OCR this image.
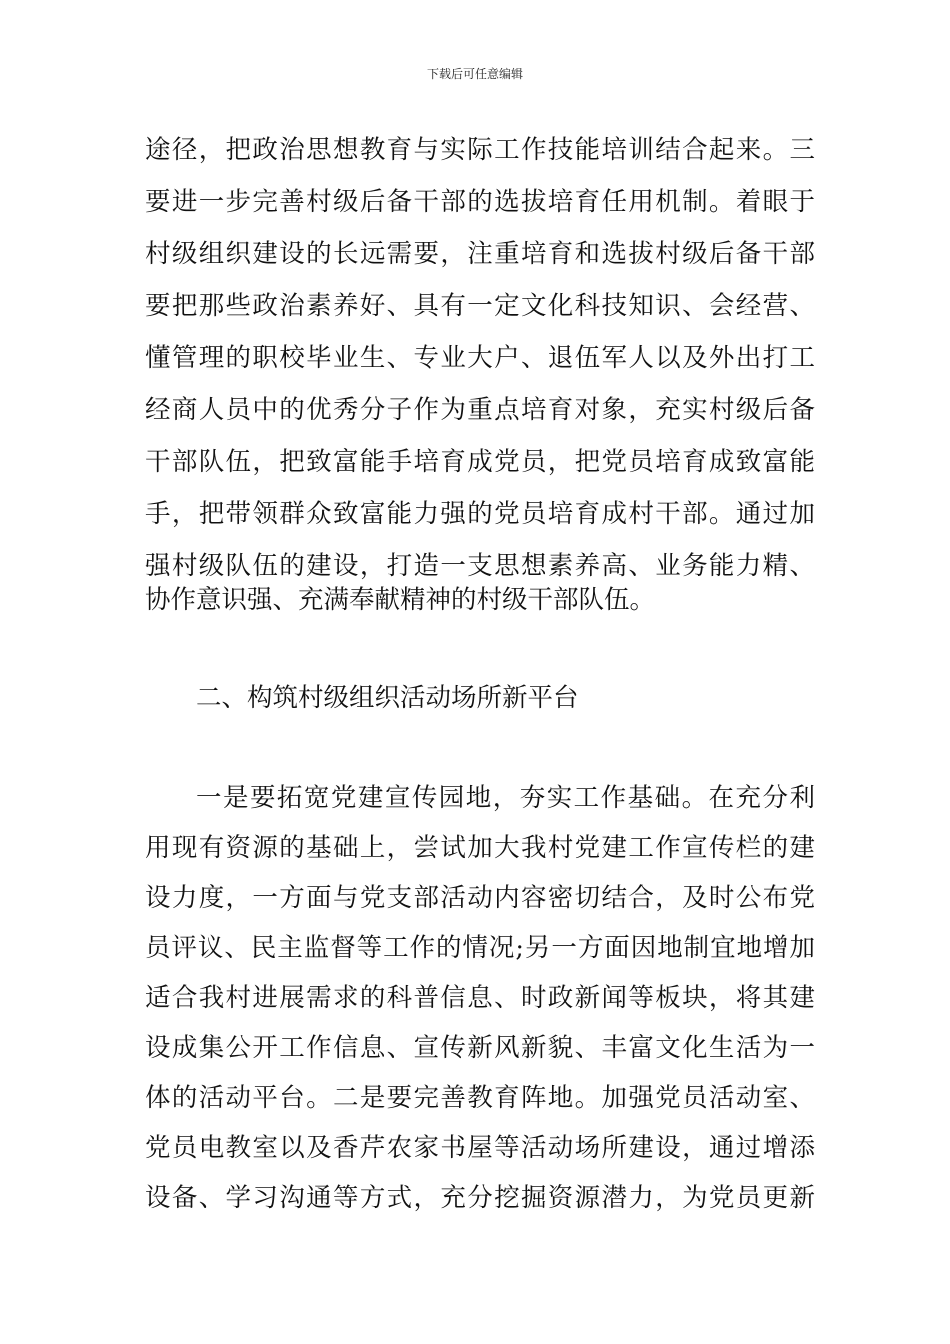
下载后可任意编辑
途径，把政治思想教育与实际工作技能培训结合起来。三
要进一步完善村级后备干部的选拔培育任用机制。着眼于
村级组织建设的长远需要，注重培育和选拔村级后备干部
要把那些政治素养好、具有一定文化科技知识、会经营、
懂管理的职校毕业生、专业大户、退伍军人以及外出打工
经商人员中的优秀分子作为重点培育对象，充实村级后备
干部队伍，把致富能手培育成党员，把党员培育成致富能
手，把带领群众致富能力强的党员培育成村干部。通过加
强村级队伍的建设，打造一支思想素养高、业务能力精、
协作意识强、充满奉献精神的村级干部队伍。
二、构筑村级组织活动场所新平台
一是要拓宽党建宣传园地，夯实工作基础。在充分利
用现有资源的基础上，尝试加大我村党建工作宣传栏的建
设力度，一方面与党支部活动内容密切结合，及时公布党
员评议、民主监督等工作的情况;另一方面因地制宜地增加
适合我村进展需求的科普信息、时政新闻等板块，将其建
设成集公开工作信息、宣传新风新貌、丰富文化生活为一
体的活动平台。二是要完善教育阵地。加强党员活动室、
党员电教室以及香芹农家书屋等活动场所建设，通过增添
设备、学习沟通等方式，充分挖掘资源潜力，为党员更新
